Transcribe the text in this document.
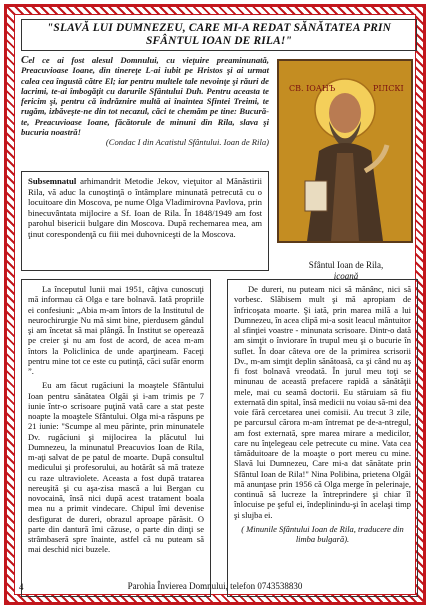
"SLAVĂ LUI DUMNEZEU, CARE MI-A REDAT SĂNĂTATEA PRIN SFÂNTUL IOAN DE RILA!"
Cel ce ai fost alesul Domnului, cu vieţuire preaminunată, Preacuvioase Ioane, din tinereţe L-ai iubit pe Hristos şi ai urmat calea cea îngustă către El; iar pentru multele tale nevoinţe şi răuri de lacrimi, te-ai îmbogăţit cu darurile Sfântului Duh. Pentru aceasta te fericim şi, pentru că îndrăznire multă ai înaintea Sfintei Treimi, te rugăm, izbăveşte-ne din tot necazul, căci te chemăm pe tine: Bucură-te, Preacuvioase Ioane, făcătorule de minuni din Rila, slava şi bucuria noastră!
(Condac I din Acatistul Sfântului. Ioan de Rila)
СВ. ІОАНЪ	РІЛСКІ
Sfântul Ioan de Rila,
icoană
Subsemnatul arhimandrit Metodie Jekov, vieţuitor al Mănăstirii Rila, vă aduc la cunoştinţă o întâmplare minunată petrecută cu o locuitoare din Moscova, pe nume Olga Vladimirovna Pavlova, prin binecuvântata mijlocire a Sf. Ioan de Rila. În 1848/1949 am fost parohul bisericii bulgare din Moscova. După rechemarea mea, am ţinut corespondenţă cu fiii mei duhovniceşti de la Moscova.

La începutul lunii mai 1951, câţiva cunoscuţi mă informau că Olga e tare bolnavă. Iată propriile ei confesiuni: „Abia m-am întors de la Institutul de neurochirurgie Nu mă simt bine, pierdusem gândul şi am încetat să mai plângă. În Institut se operează pe creier şi nu am fost de acord, de acea m-am întors la Policlinica de unde aparţineam. Faceţi pentru mine tot ce este cu putinţă, căci sufăr enorm ”.

Eu am făcut rugăciuni la moaştele Sfântului Ioan pentru sănătatea Olgăi şi i-am trimis pe 7 iunie într-o scrisoare puţină vată care a stat peste noapte la moaştele Sfântului. Olga mi-a răspuns pe 21 iunie: "Scumpe al meu părinte, prin minunatele Dv. rugăciuni şi mijlocirea la plăcutul lui Dumnezeu, la minunatul Preacuvios Ioan de Rila, m-aţi salvat de pe patul de moarte. După consultul medicului şi profesorului, au hotărât să mă trateze cu raze ultraviolete. Aceasta a fost după tratarea nereuşită şi cu aşa-zisa mască a lui Bergan cu novocaină, însă nici după acest tratament boala mea nu a primit vindecare. Chipul îmi devenise desfigurat de dureri, obrazul aproape părăsit. O parte din dantură îmi căzuse, o parte din dinţi se strâmbaseră spre înainte, astfel că nu puteam să mai deschid nici buzele.

De dureri, nu puteam nici să mănânc, nici să vorbesc. Slăbisem mult şi mă apropiam de înfricoşata moarte. Şi iată, prin marea milă a lui Dumnezeu, în acea clipă mi-a sosit leacul mântuitor al sfinţiei voastre - minunata scrisoare. Dintr-o dată am simţit o înviorare în trupul meu şi o bucurie în suflet. În doar câteva ore de la primirea scrisorii Dv., m-am simţit deplin sănătoasă, ca şi când nu aş fi fost bolnavă vreodată. În jurul meu toţi se minunau de această prefacere rapidă a sănătăţii mele, mai cu seamă doctorii. Eu stăruiam să fiu externată din spital, însă medicii nu voiau să-mi dea voie fără cercetarea unei comisii. Au trecut 3 zile, pe parcursul cărora m-am întremat pe de-a-ntregul, am fost externată, spre marea mirare a medicilor, care nu înţelegeau cele petrecute cu mine. Vata cea tămăduitoare de la moaşte o port mereu cu mine. Slavă lui Dumnezeu, Care mi-a dat sănătate prin Sfântul Ioan de Rila!" Nina Polibina, prietena Olgăi mă anunţase prin 1956 că Olga merge în pelerinaje, continuă să lucreze la întreprindere şi chiar îl înlocuise pe şeful ei, îndeplinindu-şi în acelaşi timp şi slujba ei.

( Minunile Sfântului Ioan de Rila, traducere din limba bulgară).

4	Parohia Învierea Domnului, telefon 0743538830
